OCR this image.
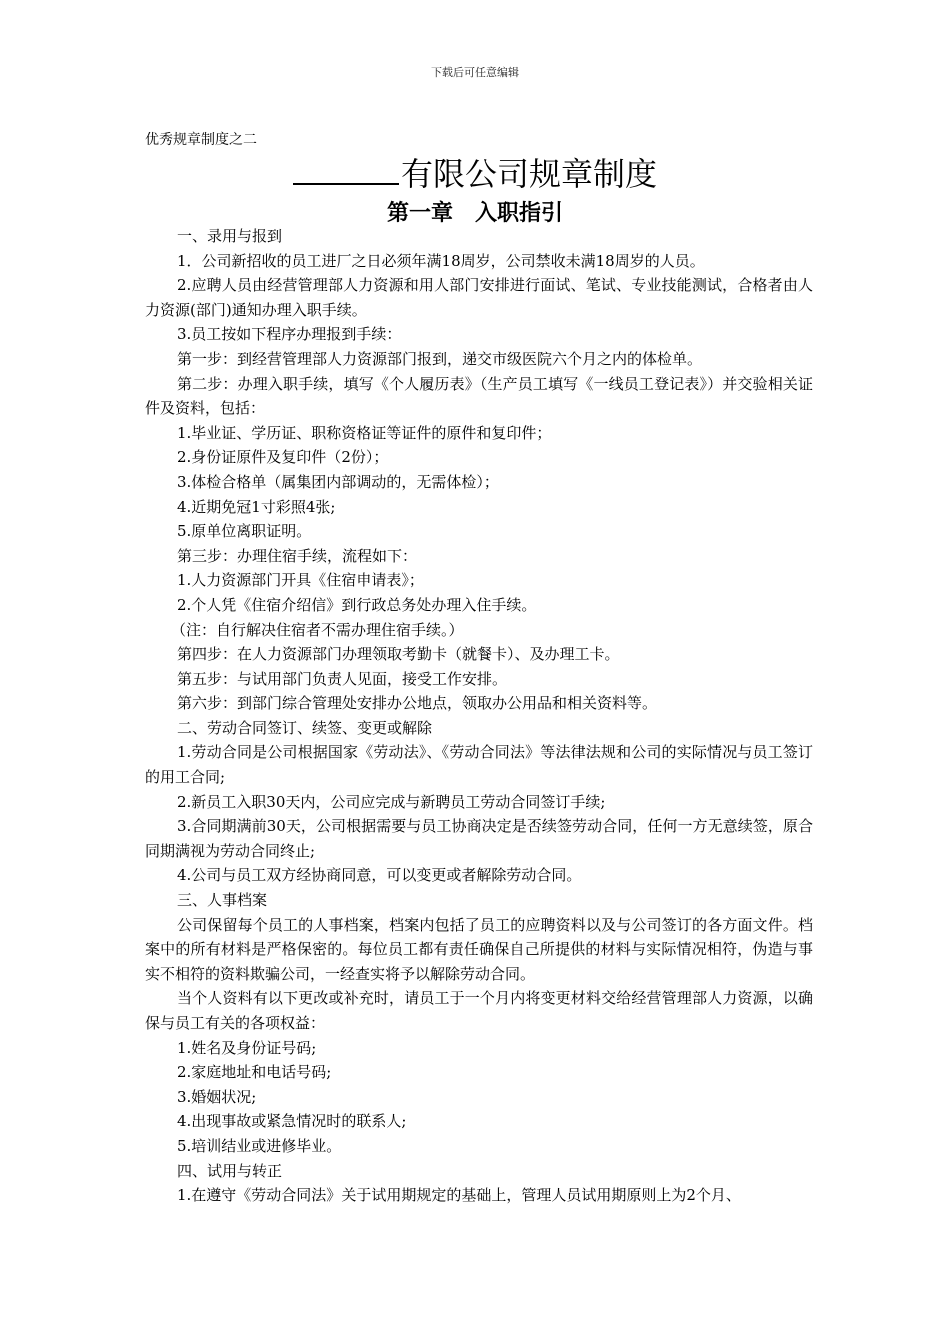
下载后可任意编辑
优秀规章制度之二
有限公司规章制度
第一章　入职指引

一、录用与报到

1．公司新招收的员工进厂之日必须年满18周岁，公司禁收未满18周岁的人员。

2.应聘人员由经营管理部人力资源和用人部门安排进行面试、笔试、专业技能测试，合格者由人力资源(部门)通知办理入职手续。

3.员工按如下程序办理报到手续：

第一步：到经营管理部人力资源部门报到，递交市级医院六个月之内的体检单。

第二步：办理入职手续，填写《个人履历表》（生产员工填写《一线员工登记表》）并交验相关证件及资料，包括：

1.毕业证、学历证、职称资格证等证件的原件和复印件；

2.身份证原件及复印件（2份）；

3.体检合格单（属集团内部调动的，无需体检）；

4.近期免冠1寸彩照4张;

5.原单位离职证明。

第三步：办理住宿手续，流程如下：

1.人力资源部门开具《住宿申请表》；

2.个人凭《住宿介绍信》到行政总务处办理入住手续。

（注：自行解决住宿者不需办理住宿手续。）

第四步：在人力资源部门办理领取考勤卡（就餐卡）、及办理工卡。

第五步：与试用部门负责人见面，接受工作安排。

第六步：到部门综合管理处安排办公地点，领取办公用品和相关资料等。

二、劳动合同签订、续签、变更或解除

1.劳动合同是公司根据国家《劳动法》、《劳动合同法》等法律法规和公司的实际情况与员工签订的用工合同;

2.新员工入职30天内，公司应完成与新聘员工劳动合同签订手续;

3.合同期满前30天，公司根据需要与员工协商决定是否续签劳动合同，任何一方无意续签，原合同期满视为劳动合同终止;

4.公司与员工双方经协商同意，可以变更或者解除劳动合同。

三、人事档案

公司保留每个员工的人事档案，档案内包括了员工的应聘资料以及与公司签订的各方面文件。档案中的所有材料是严格保密的。每位员工都有责任确保自己所提供的材料与实际情况相符，伪造与事实不相符的资料欺骗公司，一经查实将予以解除劳动合同。

当个人资料有以下更改或补充时，请员工于一个月内将变更材料交给经营管理部人力资源，以确保与员工有关的各项权益：

1.姓名及身份证号码;

2.家庭地址和电话号码;

3.婚姻状况;

4.出现事故或紧急情况时的联系人;

5.培训结业或进修毕业。

四、试用与转正

1.在遵守《劳动合同法》关于试用期规定的基础上，管理人员试用期原则上为2个月、
